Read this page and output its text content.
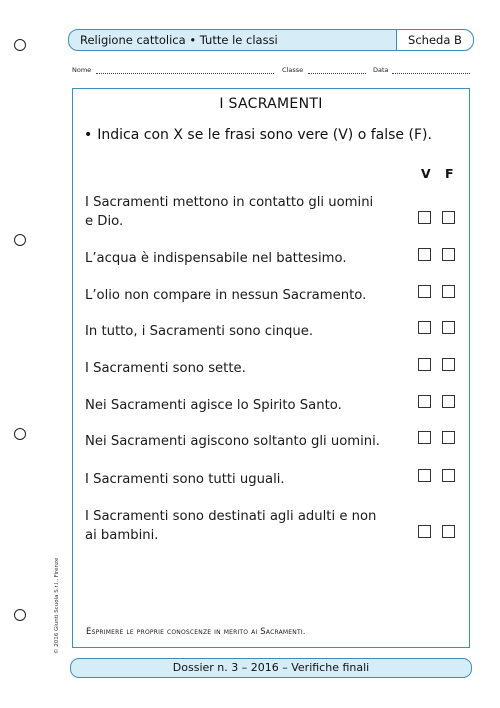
Religione cattolica • Tutte le classi	Scheda B
Nome	Classe	Data
I SACRAMENTI
• Indica con X se le frasi sono vere (V) o false (F).
V F
I Sacramenti mettono in contatto gli uomini e Dio.
L’acqua è indispensabile nel battesimo.
L’olio non compare in nessun Sacramento.
In tutto, i Sacramenti sono cinque.
I Sacramenti sono sette.
Nei Sacramenti agisce lo Spirito Santo.
Nei Sacramenti agiscono soltanto gli uomini.
I Sacramenti sono tutti uguali.
I Sacramenti sono destinati agli adulti e non ai bambini.
Esprimere le proprie conoscenze in merito ai Sacramenti.
© 2016 Giunti Scuola S.r.l., Firenze
Dossier n. 3 – 2016 – Verifiche finali
